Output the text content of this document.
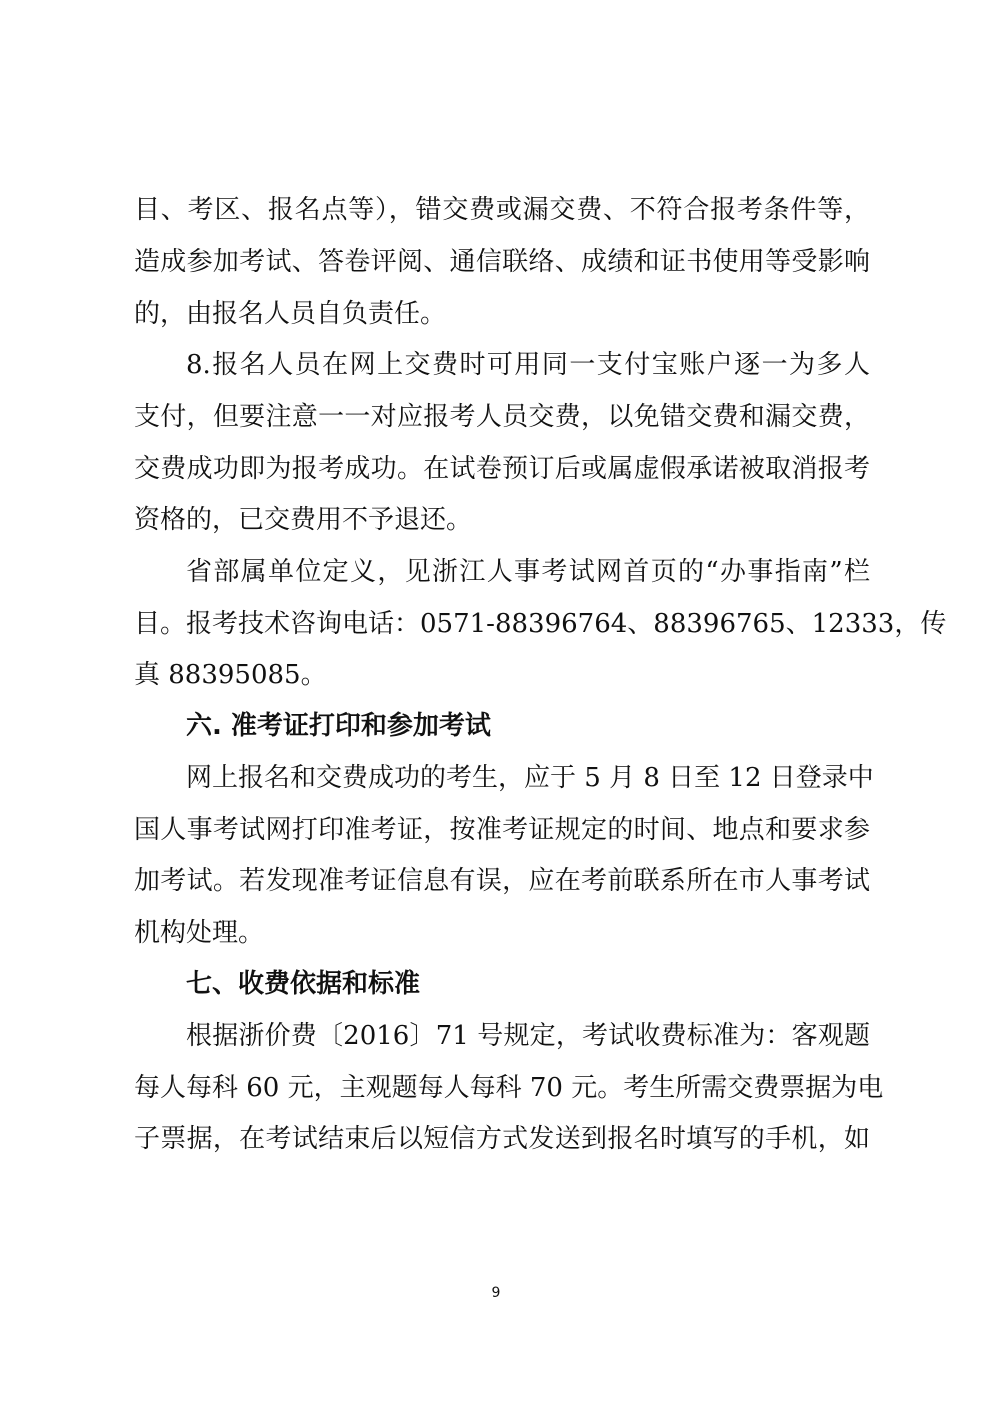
目、考区、报名点等），错交费或漏交费、不符合报考条件等，
造成参加考试、答卷评阅、通信联络、成绩和证书使用等受影响
的，由报名人员自负责任。
8.报名人员在网上交费时可用同一支付宝账户逐一为多人
支付，但要注意一一对应报考人员交费，以免错交费和漏交费，
交费成功即为报考成功。在试卷预订后或属虚假承诺被取消报考
资格的，已交费用不予退还。
省部属单位定义，见浙江人事考试网首页的“办事指南”栏
目。报考技术咨询电话：0571-88396764、88396765、12333，传
真 88395085。
六. 准考证打印和参加考试
网上报名和交费成功的考生，应于 5 月 8 日至 12 日登录中
国人事考试网打印准考证，按准考证规定的时间、地点和要求参
加考试。若发现准考证信息有误，应在考前联系所在市人事考试
机构处理。
七、收费依据和标准
根据浙价费〔2016〕71 号规定，考试收费标准为：客观题
每人每科 60 元，主观题每人每科 70 元。考生所需交费票据为电
子票据，在考试结束后以短信方式发送到报名时填写的手机，如
9
